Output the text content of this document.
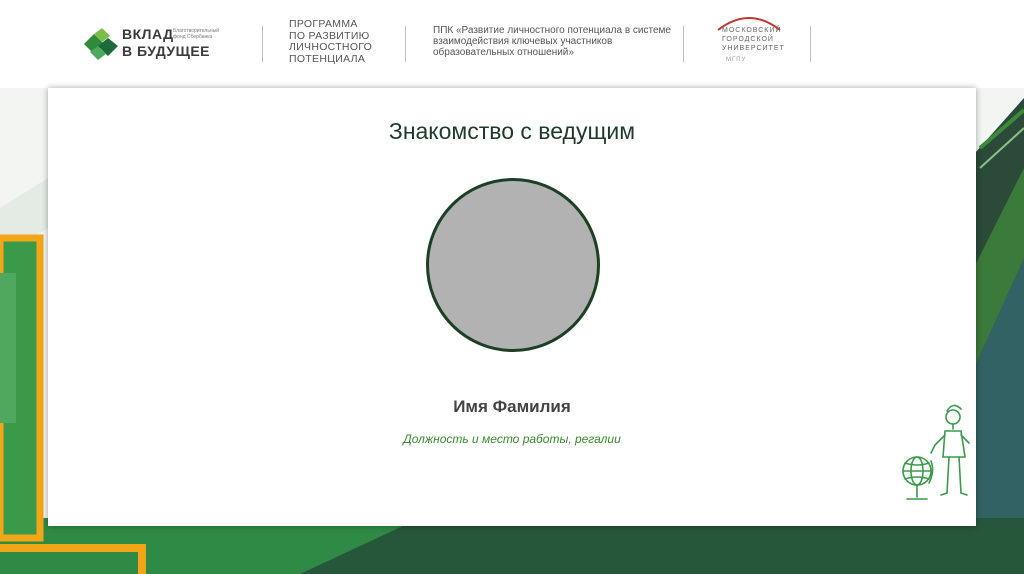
ВКЛАД
В БУДУЩЕЕ
Благотворительный фонд Сбербанка
ПРОГРАММА
ПО РАЗВИТИЮ
ЛИЧНОСТНОГО
ПОТЕНЦИАЛА
ППК «Развитие личностного потенциала в системе взаимодействия ключевых участников образовательных отношений»
МОСКОВСКИЙ
ГОРОДСКОЙ
УНИВЕРСИТЕТ
МГПУ
Знакомство с ведущим
Имя Фамилия
Должность и место работы, регалии
